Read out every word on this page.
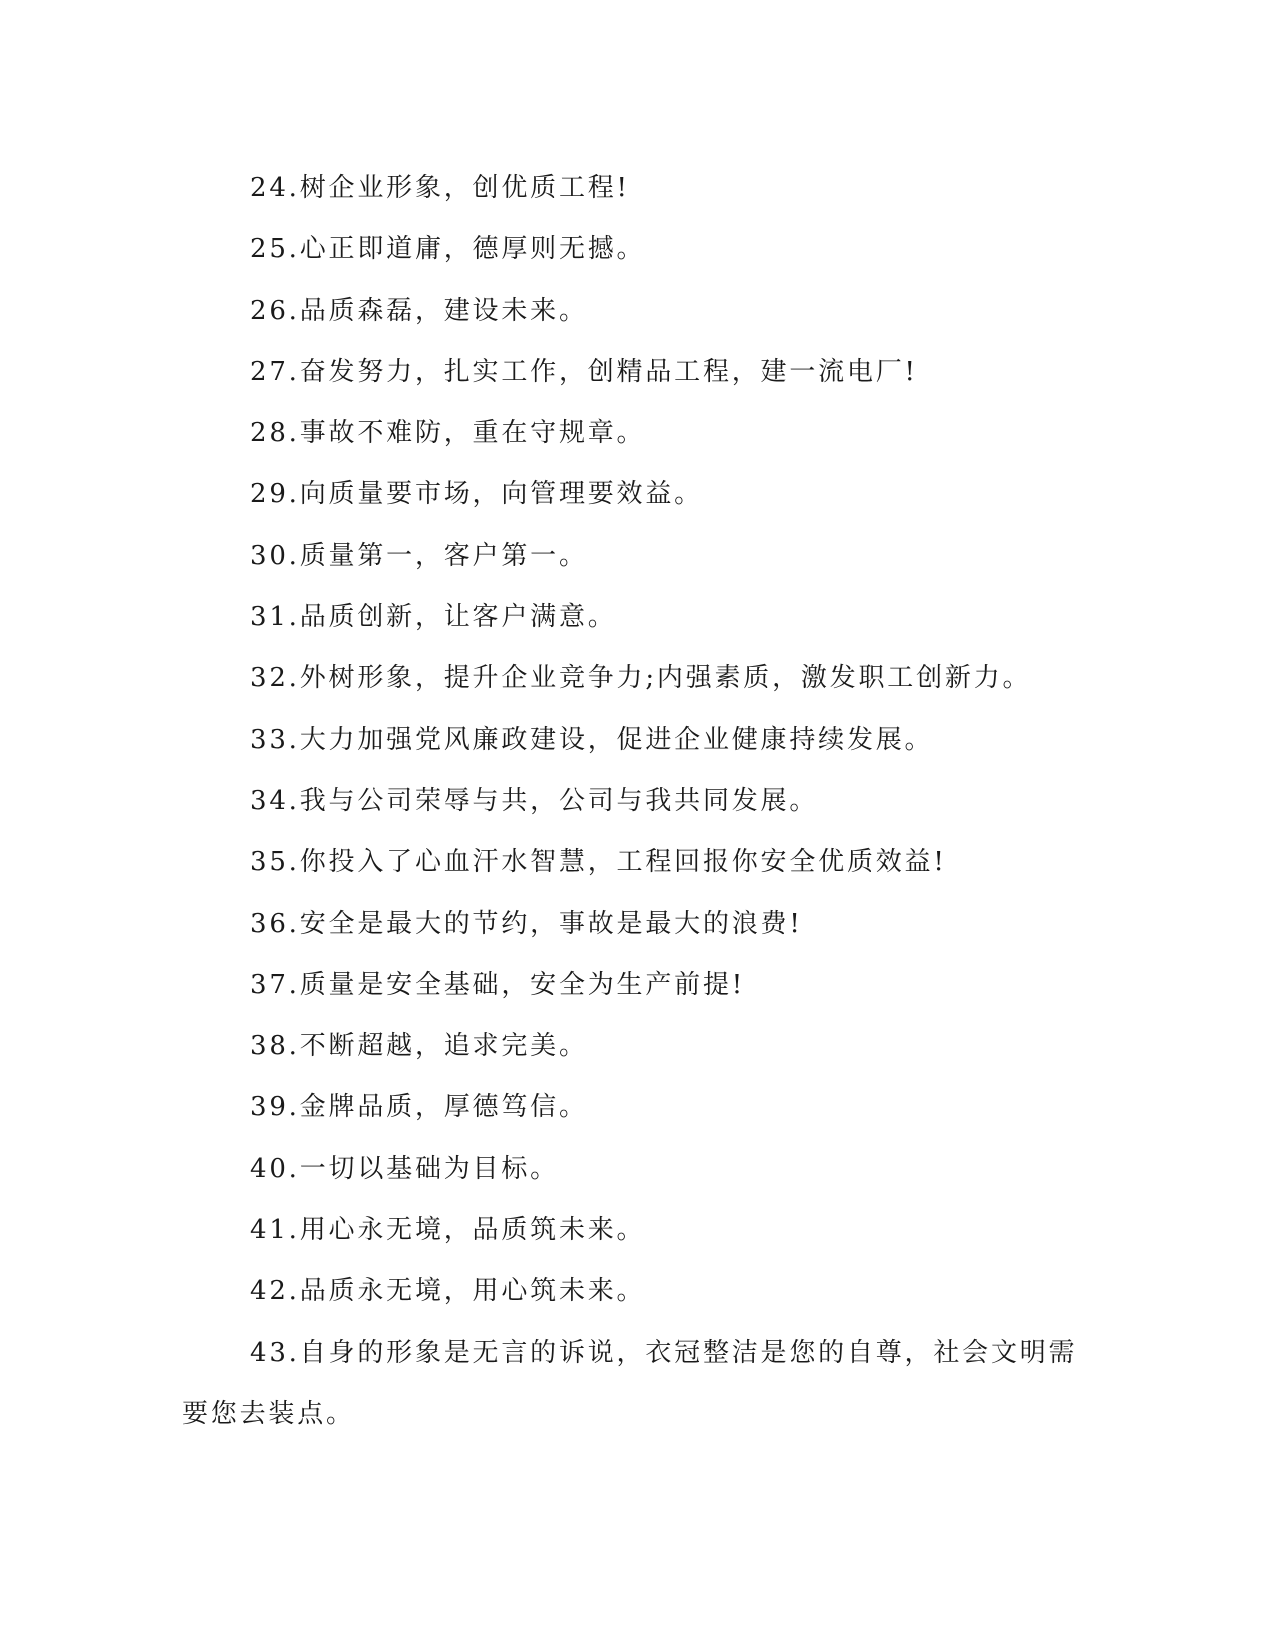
24.树企业形象，创优质工程!
25.心正即道庸，德厚则无撼。
26.品质森磊，建设未来。
27.奋发努力，扎实工作，创精品工程，建一流电厂!
28.事故不难防，重在守规章。
29.向质量要市场，向管理要效益。
30.质量第一，客户第一。
31.品质创新，让客户满意。
32.外树形象，提升企业竞争力;内强素质，激发职工创新力。
33.大力加强党风廉政建设，促进企业健康持续发展。
34.我与公司荣辱与共，公司与我共同发展。
35.你投入了心血汗水智慧，工程回报你安全优质效益!
36.安全是最大的节约，事故是最大的浪费!
37.质量是安全基础，安全为生产前提!
38.不断超越，追求完美。
39.金牌品质，厚德笃信。
40.一切以基础为目标。
41.用心永无境，品质筑未来。
42.品质永无境，用心筑未来。
43.自身的形象是无言的诉说，衣冠整洁是您的自尊，社会文明需
要您去装点。
